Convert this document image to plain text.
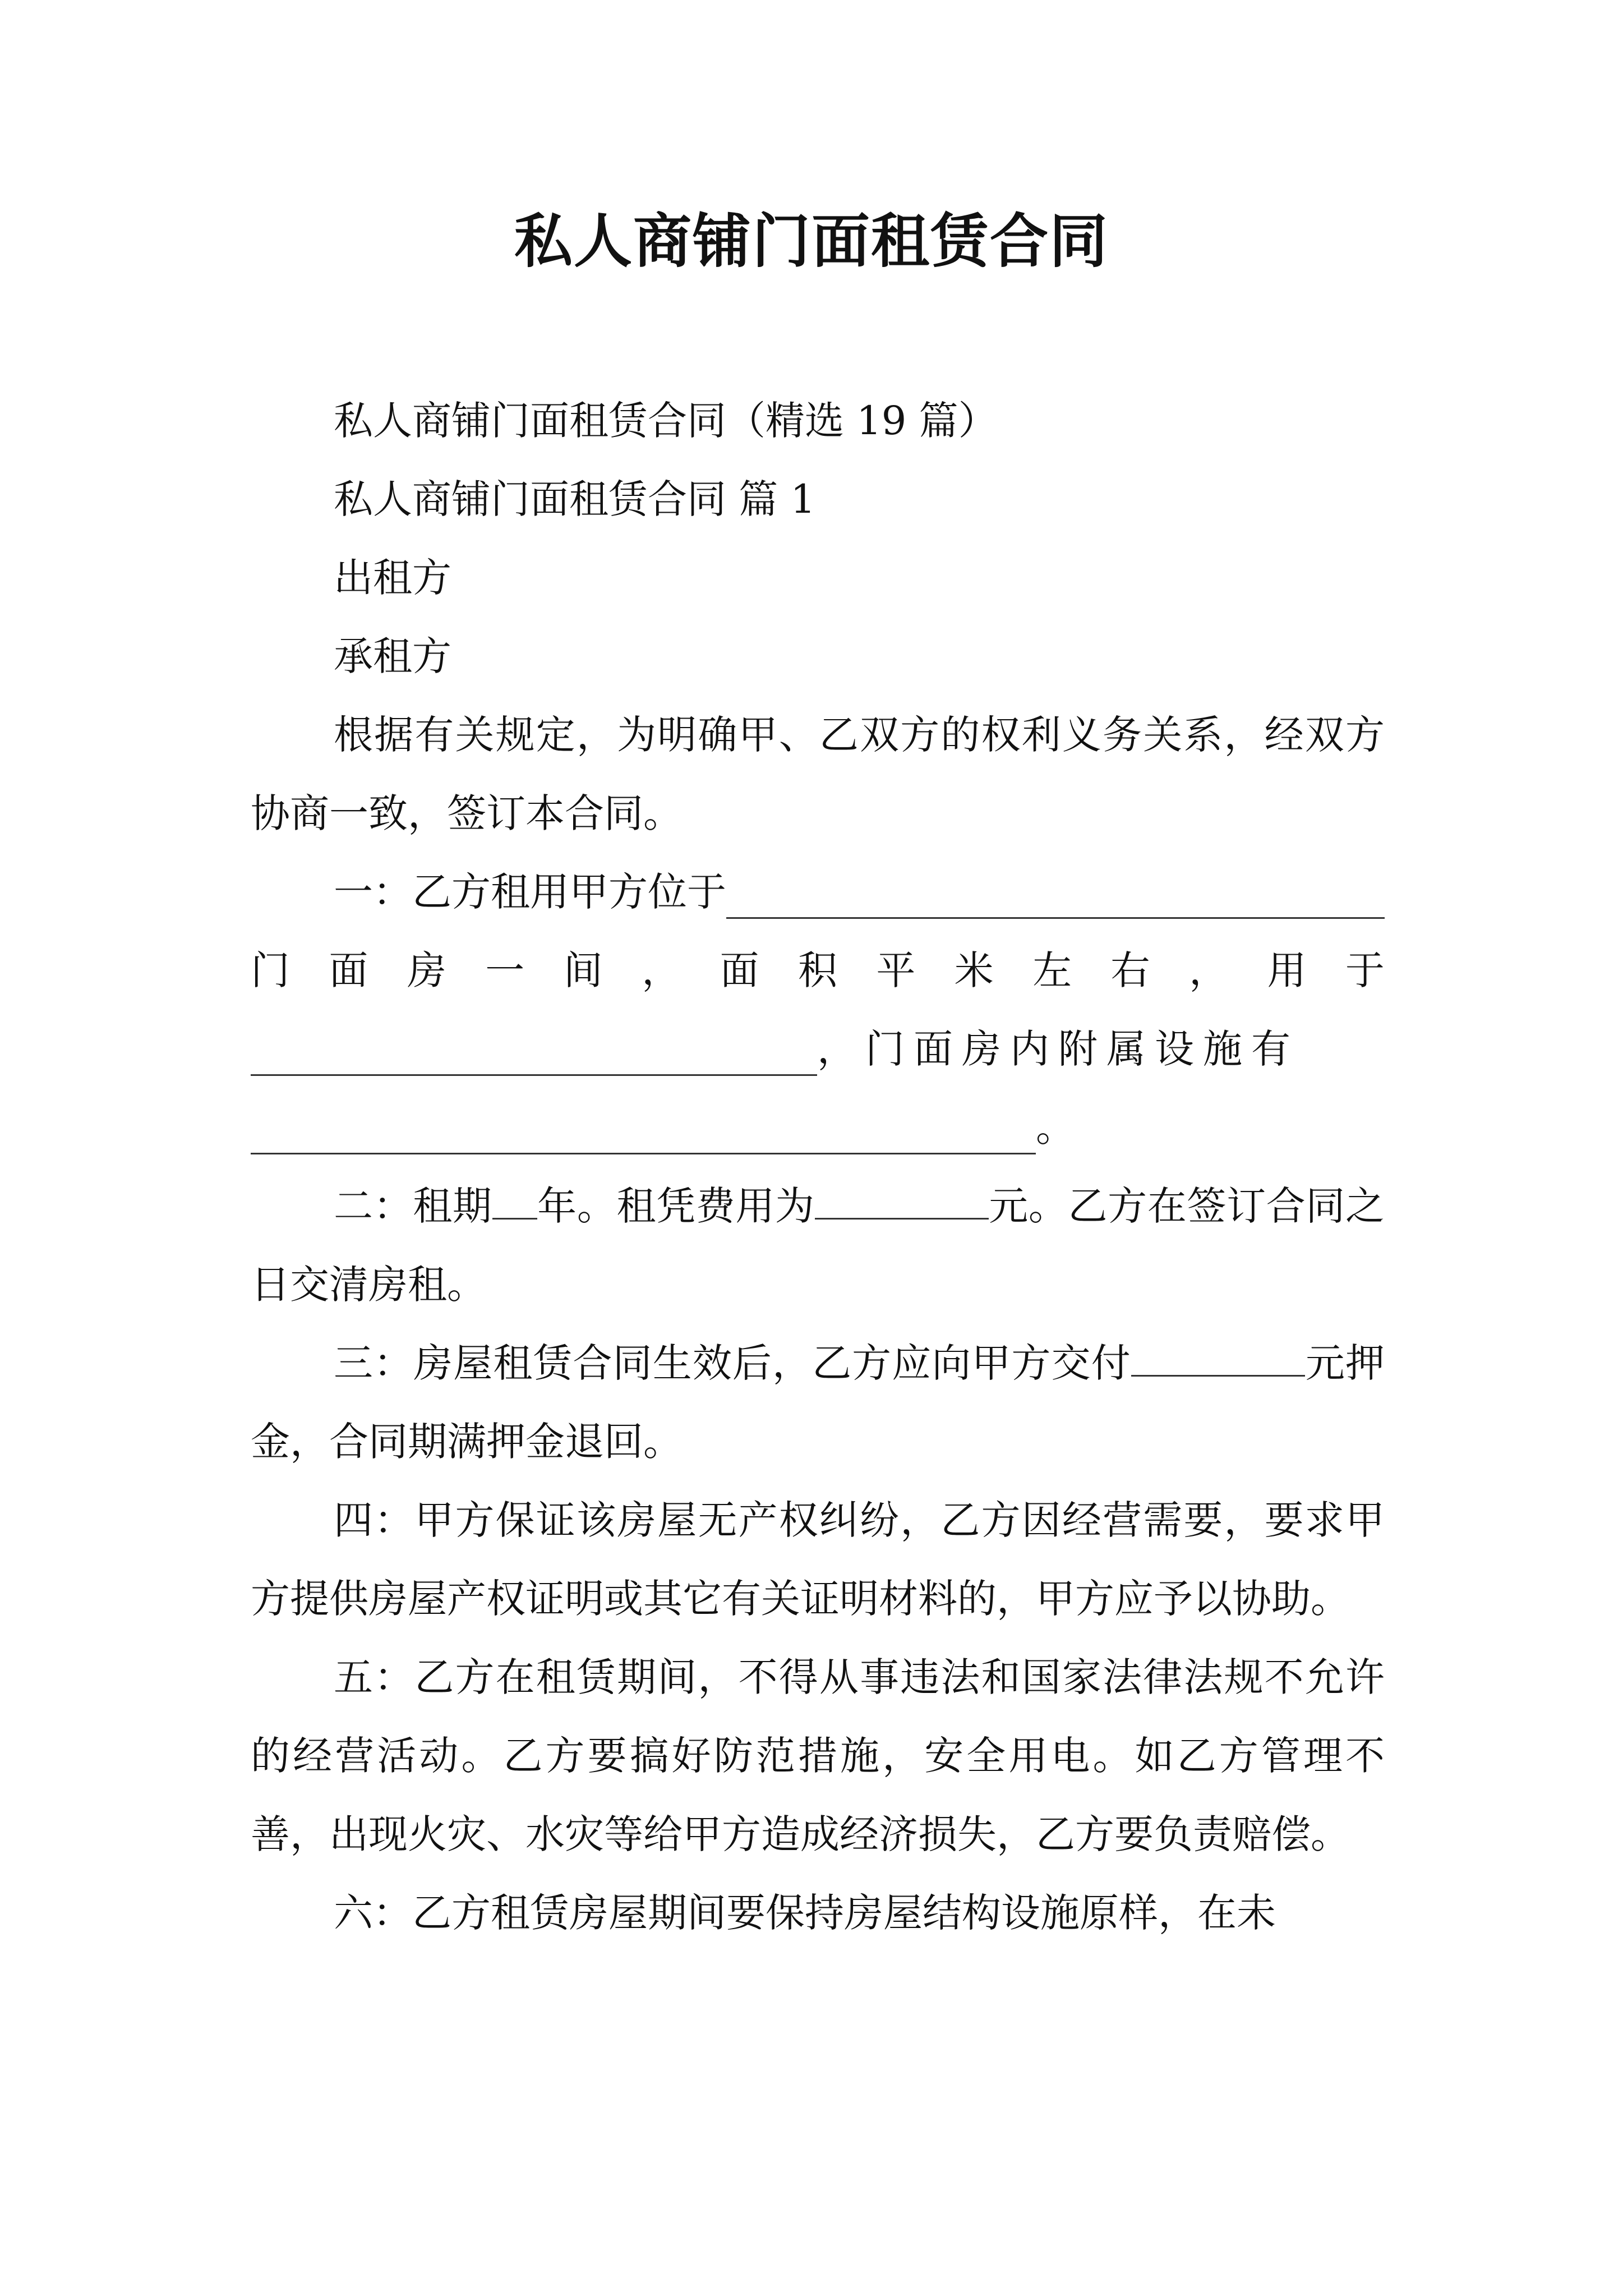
私人商铺门面租赁合同

私人商铺门面租赁合同（精选 19 篇）

私人商铺门面租赁合同 篇 1

出租方

承租方

根据有关规定，为明确甲、乙双方的权利义务关系，经双方协商一致，签订本合同。

一：乙方租用甲方位于
门 面 房 一 间 ， 面 积 平 米 左 右 ， 用 于
，门面房内附属设施有
。

二：租期 年。租凭费用为	元。乙方在签订合同之日交清房租。

三：房屋租赁合同生效后，乙方应向甲方交付	元押金，合同期满押金退回。

四：甲方保证该房屋无产权纠纷，乙方因经营需要，要求甲方提供房屋产权证明或其它有关证明材料的，甲方应予以协助。

五：乙方在租赁期间，不得从事违法和国家法律法规不允许的经营活动。乙方要搞好防范措施，安全用电。如乙方管理不善，出现火灾、水灾等给甲方造成经济损失，乙方要负责赔偿。

六：乙方租赁房屋期间要保持房屋结构设施原样，在未
